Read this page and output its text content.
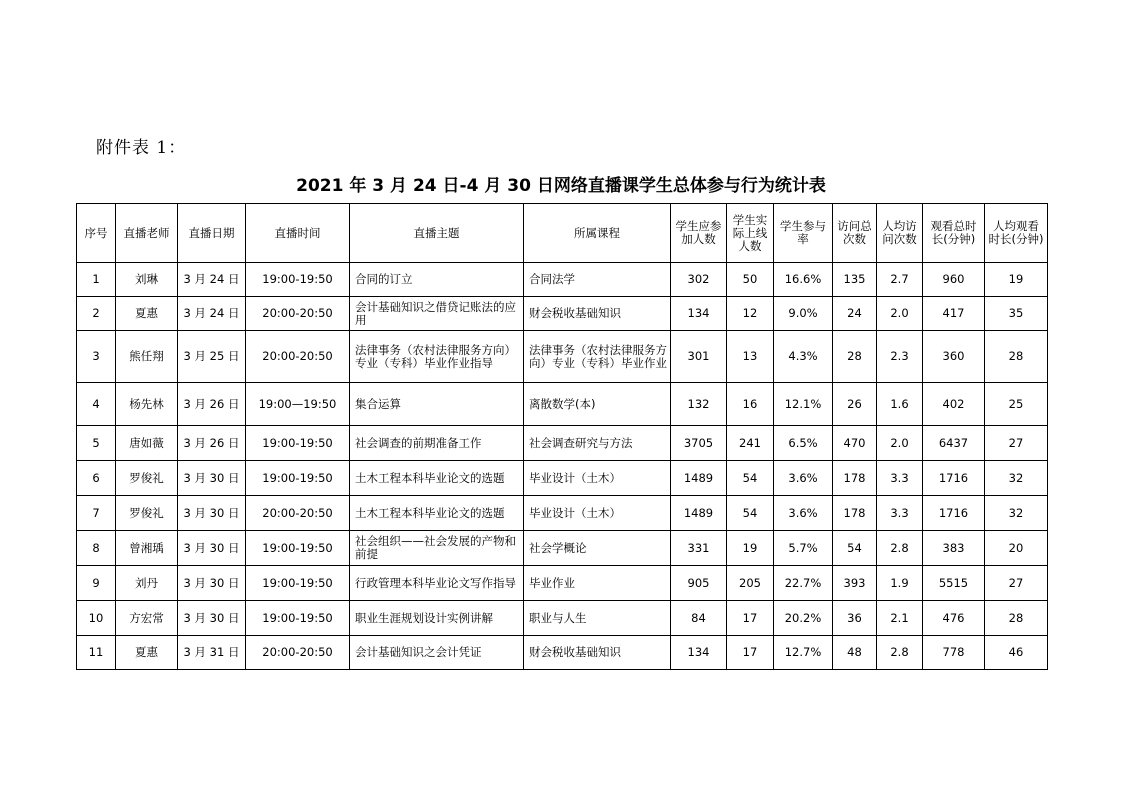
附件表 1：
2021 年 3 月 24 日-4 月 30 日网络直播课学生总体参与行为统计表
序号	直播老师	直播日期	直播时间	直播主题	所属课程	学生应参加人数	学生实际上线人数	学生参与率	访问总次数	人均访问次数	观看总时长(分钟)	人均观看时长(分钟)
1	刘琳	3 月 24 日	19:00-19:50	合同的订立	合同法学	302	50	16.6%	135	2.7	960	19
2	夏惠	3 月 24 日	20:00-20:50	会计基础知识之借贷记账法的应用	财会税收基础知识	134	12	9.0%	24	2.0	417	35
3	熊任翔	3 月 25 日	20:00-20:50	法律事务（农村法律服务方向）专业（专科）毕业作业指导	法律事务（农村法律服务方向）专业（专科）毕业作业	301	13	4.3%	28	2.3	360	28
4	杨先林	3 月 26 日	19:00—19:50	集合运算	离散数学(本)	132	16	12.1%	26	1.6	402	25
5	唐如薇	3 月 26 日	19:00-19:50	社会调查的前期准备工作	社会调查研究与方法	3705	241	6.5%	470	2.0	6437	27
6	罗俊礼	3 月 30 日	19:00-19:50	土木工程本科毕业论文的选题	毕业设计（土木）	1489	54	3.6%	178	3.3	1716	32
7	罗俊礼	3 月 30 日	20:00-20:50	土木工程本科毕业论文的选题	毕业设计（土木）	1489	54	3.6%	178	3.3	1716	32
8	曾湘瑀	3 月 30 日	19:00-19:50	社会组织——社会发展的产物和前提	社会学概论	331	19	5.7%	54	2.8	383	20
9	刘丹	3 月 30 日	19:00-19:50	行政管理本科毕业论文写作指导	毕业作业	905	205	22.7%	393	1.9	5515	27
10	方宏常	3 月 30 日	19:00-19:50	职业生涯规划设计实例讲解	职业与人生	84	17	20.2%	36	2.1	476	28
11	夏惠	3 月 31 日	20:00-20:50	会计基础知识之会计凭证	财会税收基础知识	134	17	12.7%	48	2.8	778	46
